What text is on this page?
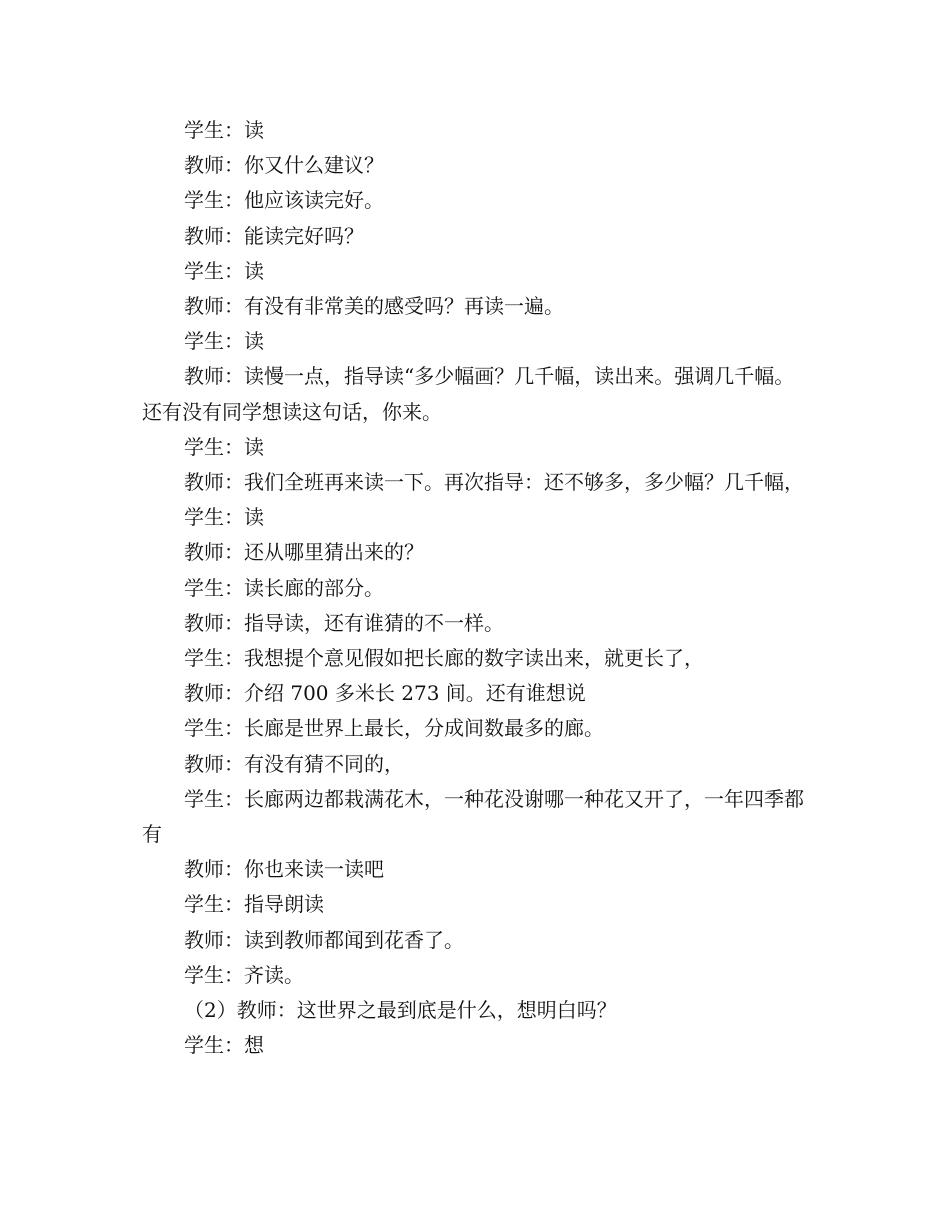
学生：读

教师：你又什么建议？

学生：他应该读完好。

教师：能读完好吗？

学生：读

教师：有没有非常美的感受吗？再读一遍。

学生：读

教师：读慢一点，指导读“多少幅画？几千幅，读出来。强调几千幅。还有没有同学想读这句话，你来。

学生：读

教师：我们全班再来读一下。再次指导：还不够多，多少幅？几千幅，

学生：读

教师：还从哪里猜出来的？

学生：读长廊的部分。

教师：指导读，还有谁猜的不一样。

学生：我想提个意见假如把长廊的数字读出来，就更长了，

教师：介绍 700 多米长 273 间。还有谁想说

学生：长廊是世界上最长，分成间数最多的廊。

教师：有没有猜不同的，

学生：长廊两边都栽满花木，一种花没谢哪一种花又开了，一年四季都有

教师：你也来读一读吧

学生：指导朗读

教师：读到教师都闻到花香了。

学生：齐读。

（2）教师：这世界之最到底是什么，想明白吗？

学生：想
